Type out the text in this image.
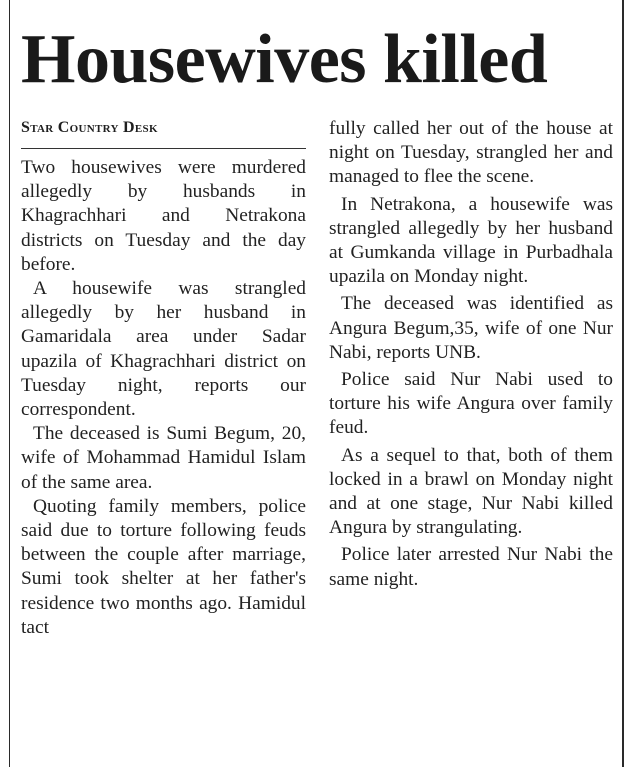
Housewives killed
Star Country Desk

Two housewives were murdered allegedly by husbands in Khagrachhari and Netrakona districts on Tuesday and the day before.

A housewife was strangled allegedly by her husband in Gamaridala area under Sadar upazila of Khagrachhari district on Tuesday night, reports our correspondent.

The deceased is Sumi Begum, 20, wife of Mohammad Hamidul Islam of the same area.

Quoting family members, police said due to torture following feuds between the couple after marriage, Sumi took shelter at her father's residence two months ago. Hamidul tact

fully called her out of the house at night on Tuesday, strangled her and managed to flee the scene.

In Netrakona, a housewife was strangled allegedly by her husband at Gumkanda village in Purbadhala upazila on Monday night.

The deceased was identified as Angura Begum,35, wife of one Nur Nabi, reports UNB.

Police said Nur Nabi used to torture his wife Angura over family feud.

As a sequel to that, both of them locked in a brawl on Monday night and at one stage, Nur Nabi killed Angura by strangulating.

Police later arrested Nur Nabi the same night.
